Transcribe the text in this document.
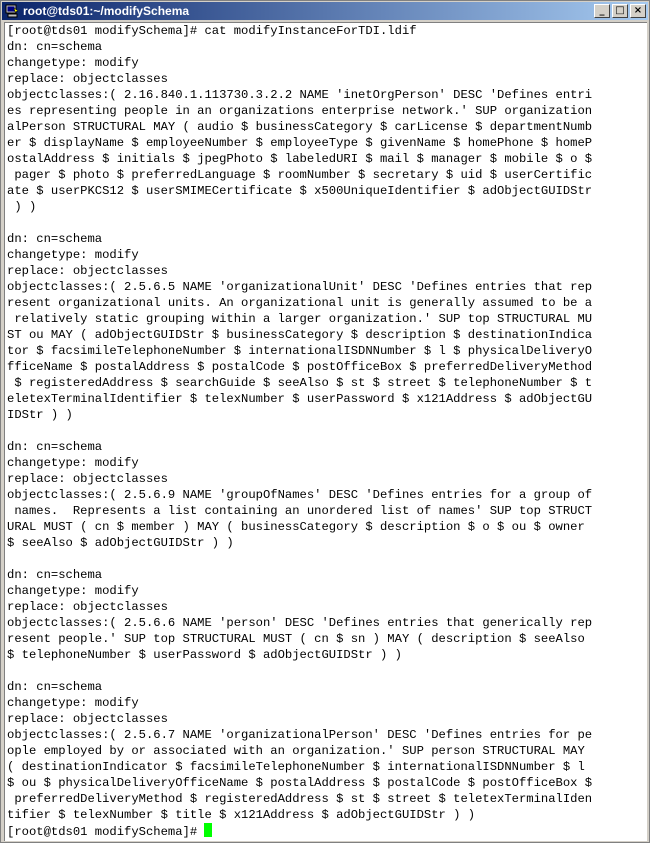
root@tds01:~/modifySchema	_	□ ×
[root@tds01 modifySchema]# cat modifyInstanceForTDI.ldif
dn: cn=schema
changetype: modify
replace: objectclasses
objectclasses:( 2.16.840.1.113730.3.2.2 NAME 'inetOrgPerson' DESC 'Defines entri
es representing people in an organizations enterprise network.' SUP organization
alPerson STRUCTURAL MAY ( audio $ businessCategory $ carLicense $ departmentNumb
er $ displayName $ employeeNumber $ employeeType $ givenName $ homePhone $ homeP
ostalAddress $ initials $ jpegPhoto $ labeledURI $ mail $ manager $ mobile $ o $
pager $ photo $ preferredLanguage $ roomNumber $ secretary $ uid $ userCertific
ate $ userPKCS12 $ userSMIMECertificate $ x500UniqueIdentifier $ adObjectGUIDStr
) )
dn: cn=schema
changetype: modify
replace: objectclasses
objectclasses:( 2.5.6.5 NAME 'organizationalUnit' DESC 'Defines entries that rep
resent organizational units. An organizational unit is generally assumed to be a
relatively static grouping within a larger organization.' SUP top STRUCTURAL MU
ST ou MAY ( adObjectGUIDStr $ businessCategory $ description $ destinationIndica
tor $ facsimileTelephoneNumber $ internationalISDNNumber $ l $ physicalDeliveryO
fficeName $ postalAddress $ postalCode $ postOfficeBox $ preferredDeliveryMethod
$ registeredAddress $ searchGuide $ seeAlso $ st $ street $ telephoneNumber $ t
eletexTerminalIdentifier $ telexNumber $ userPassword $ x121Address $ adObjectGU
IDStr ) )
dn: cn=schema
changetype: modify
replace: objectclasses
objectclasses:( 2.5.6.9 NAME 'groupOfNames' DESC 'Defines entries for a group of
names.  Represents a list containing an unordered list of names' SUP top STRUCT
URAL MUST ( cn $ member ) MAY ( businessCategory $ description $ o $ ou $ owner
$ seeAlso $ adObjectGUIDStr ) )
dn: cn=schema
changetype: modify
replace: objectclasses
objectclasses:( 2.5.6.6 NAME 'person' DESC 'Defines entries that generically rep
resent people.' SUP top STRUCTURAL MUST ( cn $ sn ) MAY ( description $ seeAlso
$ telephoneNumber $ userPassword $ adObjectGUIDStr ) )
dn: cn=schema
changetype: modify
replace: objectclasses
objectclasses:( 2.5.6.7 NAME 'organizationalPerson' DESC 'Defines entries for pe
ople employed by or associated with an organization.' SUP person STRUCTURAL MAY
( destinationIndicator $ facsimileTelephoneNumber $ internationalISDNNumber $ l
$ ou $ physicalDeliveryOfficeName $ postalAddress $ postalCode $ postOfficeBox $
preferredDeliveryMethod $ registeredAddress $ st $ street $ teletexTerminalIden
tifier $ telexNumber $ title $ x121Address $ adObjectGUIDStr ) )
[root@tds01 modifySchema]#
